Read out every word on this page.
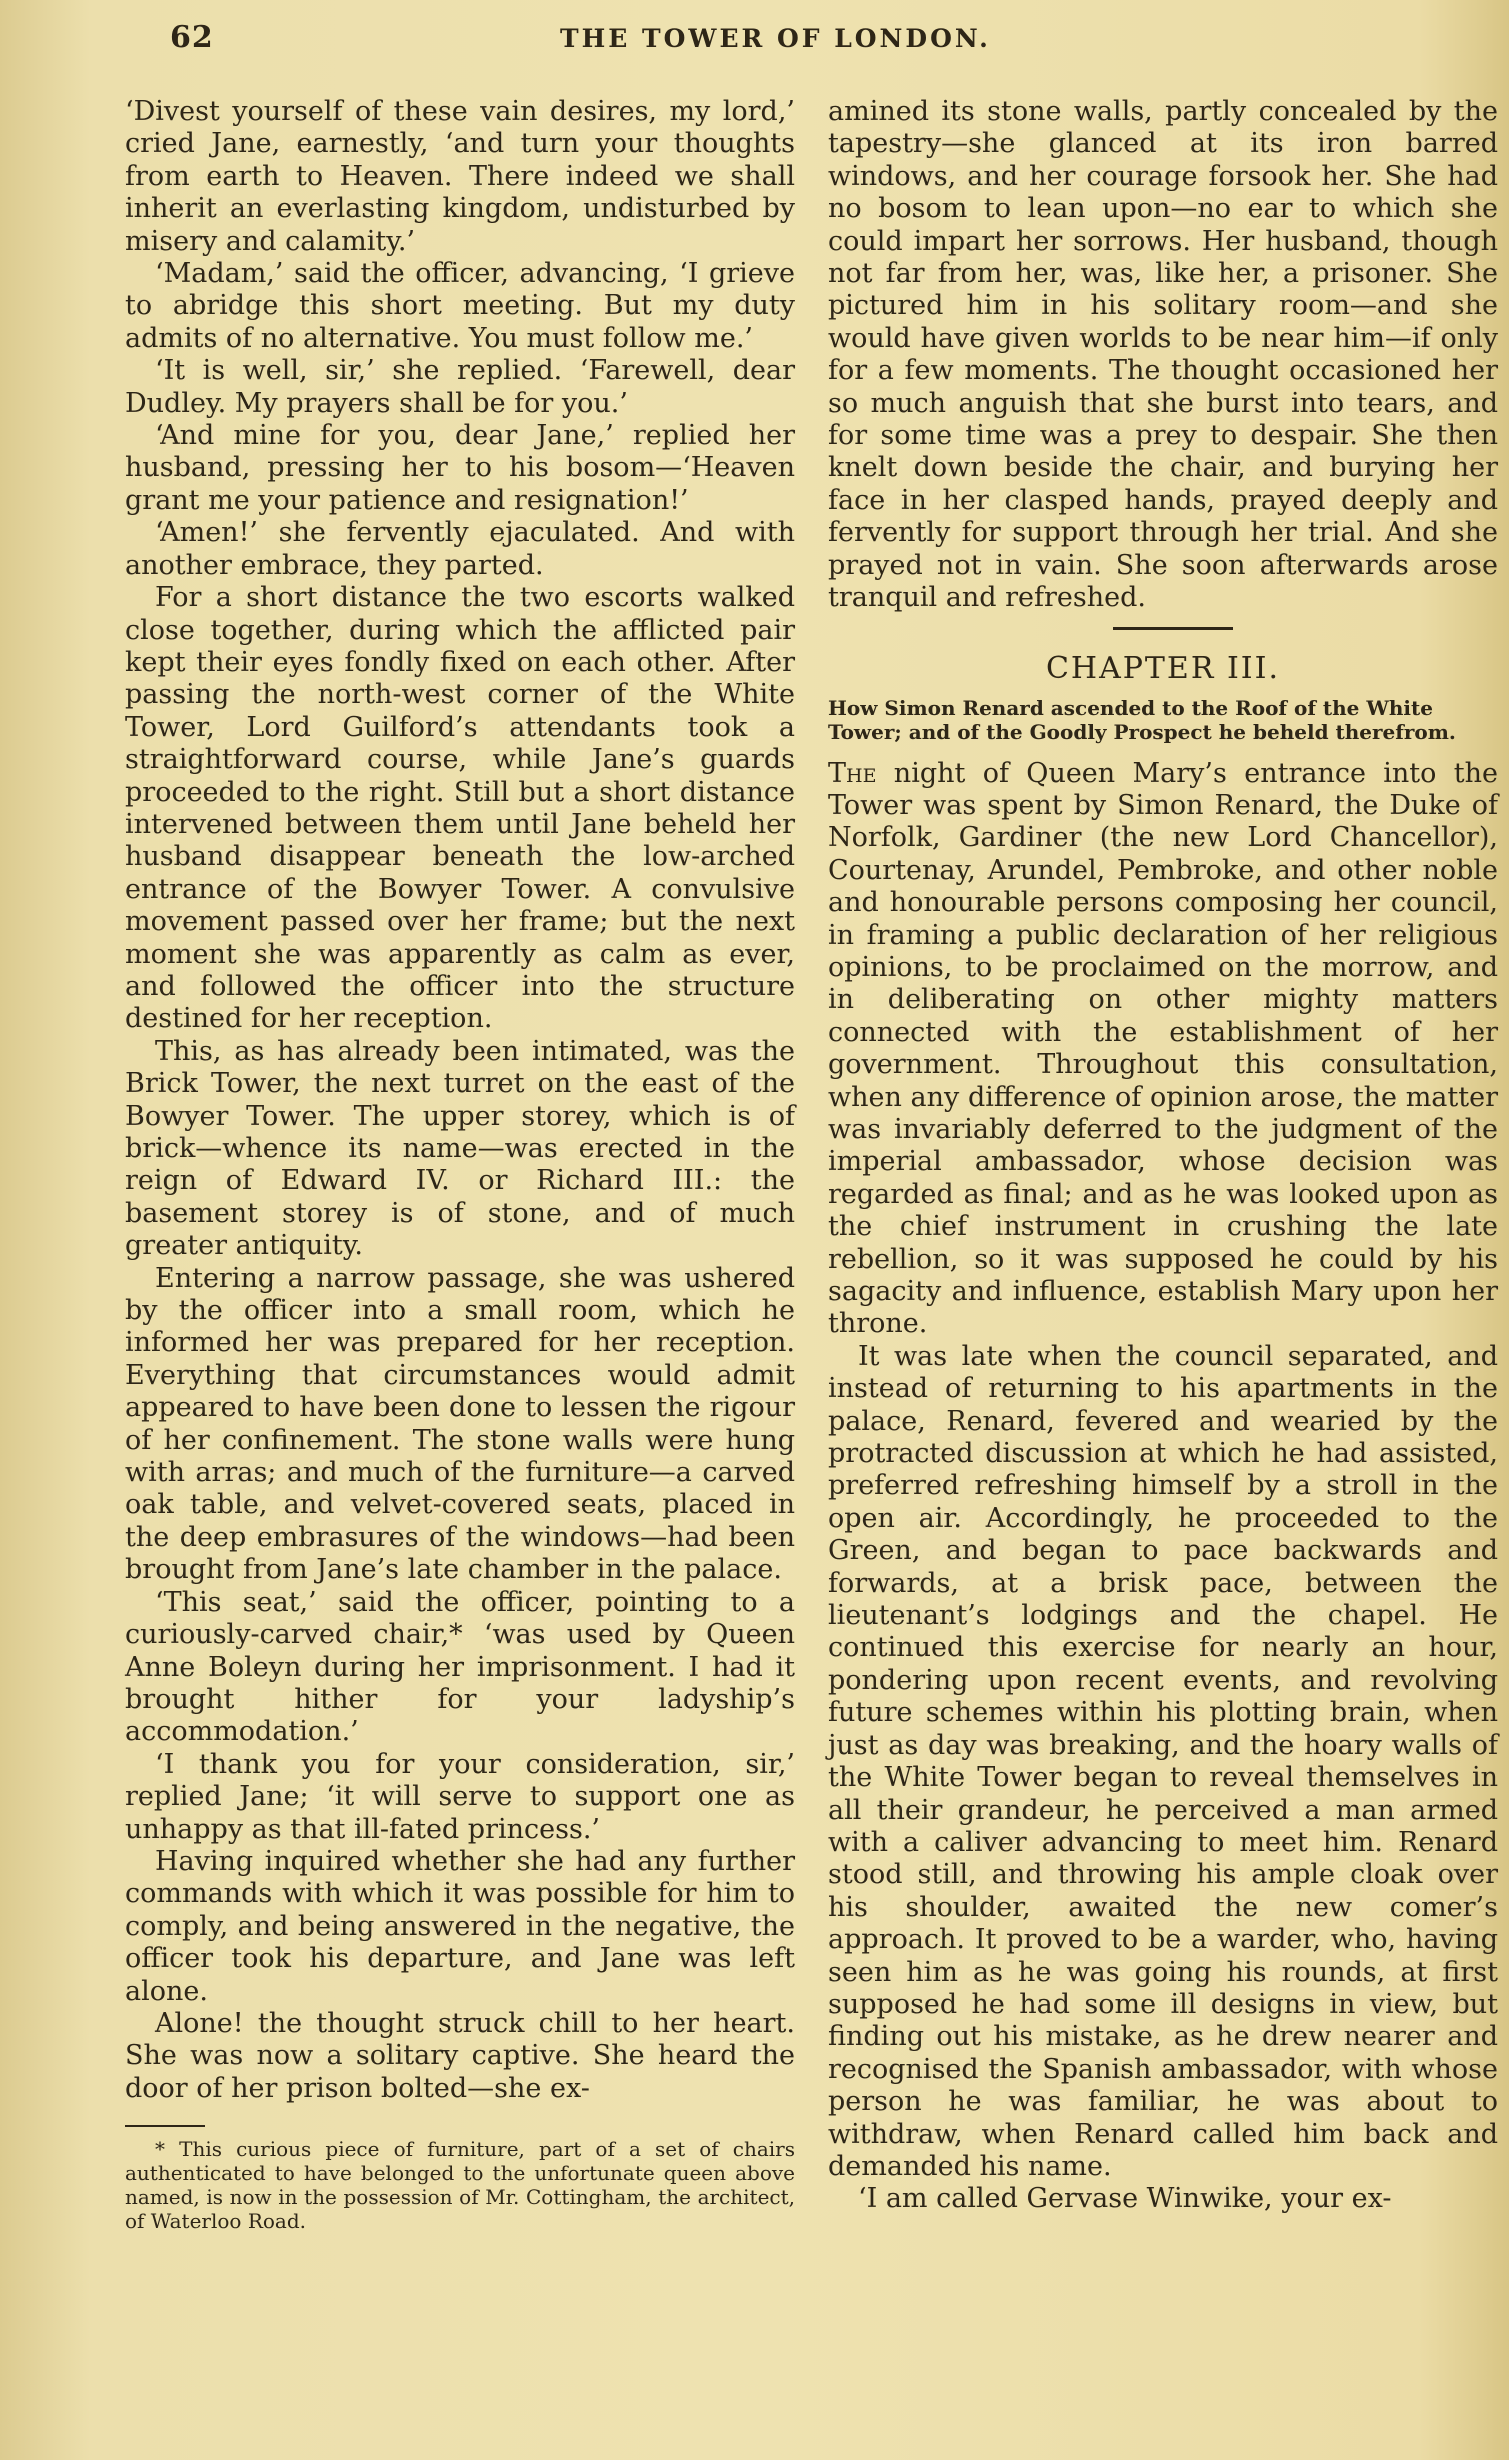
62	THE TOWER OF LONDON.

‘Divest yourself of these vain desires, my lord,’ cried Jane, earnestly, ‘and turn your thoughts from earth to Heaven. There indeed we shall inherit an everlasting kingdom, undisturbed by misery and calamity.’

‘Madam,’ said the officer, advancing, ‘I grieve to abridge this short meeting. But my duty admits of no alternative. You must follow me.’

‘It is well, sir,’ she replied. ‘Farewell, dear Dudley. My prayers shall be for you.’

‘And mine for you, dear Jane,’ replied her husband, pressing her to his bosom—‘Heaven grant me your patience and resignation!’

‘Amen!’ she fervently ejaculated. And with another embrace, they parted.

For a short distance the two escorts walked close together, during which the afflicted pair kept their eyes fondly fixed on each other. After passing the north-west corner of the White Tower, Lord Guilford’s attendants took a straightforward course, while Jane’s guards proceeded to the right. Still but a short distance intervened between them until Jane beheld her husband disappear beneath the low-arched entrance of the Bowyer Tower. A convulsive movement passed over her frame; but the next moment she was apparently as calm as ever, and followed the officer into the structure destined for her reception.

This, as has already been intimated, was the Brick Tower, the next turret on the east of the Bowyer Tower. The upper storey, which is of brick—whence its name—was erected in the reign of Edward IV. or Richard III.: the basement storey is of stone, and of much greater antiquity.

Entering a narrow passage, she was ushered by the officer into a small room, which he informed her was prepared for her reception. Everything that circumstances would admit appeared to have been done to lessen the rigour of her confinement. The stone walls were hung with arras; and much of the furniture—a carved oak table, and velvet-covered seats, placed in the deep embrasures of the windows—had been brought from Jane’s late chamber in the palace.

‘This seat,’ said the officer, pointing to a curiously-carved chair,* ‘was used by Queen Anne Boleyn during her imprisonment. I had it brought hither for your ladyship’s accommodation.’

‘I thank you for your consideration, sir,’ replied Jane; ‘it will serve to support one as unhappy as that ill-fated princess.’

Having inquired whether she had any further commands with which it was possible for him to comply, and being answered in the negative, the officer took his departure, and Jane was left alone.

Alone! the thought struck chill to her heart. She was now a solitary captive. She heard the door of her prison bolted—she ex-

* This curious piece of furniture, part of a set of chairs authenticated to have belonged to the unfortunate queen above named, is now in the possession of Mr. Cottingham, the architect, of Waterloo Road.

amined its stone walls, partly concealed by the tapestry—she glanced at its iron barred windows, and her courage forsook her. She had no bosom to lean upon—no ear to which she could impart her sorrows. Her husband, though not far from her, was, like her, a prisoner. She pictured him in his solitary room—and she would have given worlds to be near him—if only for a few moments. The thought occasioned her so much anguish that she burst into tears, and for some time was a prey to despair. She then knelt down beside the chair, and burying her face in her clasped hands, prayed deeply and fervently for support through her trial. And she prayed not in vain. She soon afterwards arose tranquil and refreshed.

CHAPTER III.
How Simon Renard ascended to the Roof of the White Tower; and of the Goodly Prospect he beheld therefrom.

The night of Queen Mary’s entrance into the Tower was spent by Simon Renard, the Duke of Norfolk, Gardiner (the new Lord Chancellor), Courtenay, Arundel, Pembroke, and other noble and honourable persons composing her council, in framing a public declaration of her religious opinions, to be proclaimed on the morrow, and in deliberating on other mighty matters connected with the establishment of her government. Throughout this consultation, when any difference of opinion arose, the matter was invariably deferred to the judgment of the imperial ambassador, whose decision was regarded as final; and as he was looked upon as the chief instrument in crushing the late rebellion, so it was supposed he could by his sagacity and influence, establish Mary upon her throne.

It was late when the council separated, and instead of returning to his apartments in the palace, Renard, fevered and wearied by the protracted discussion at which he had assisted, preferred refreshing himself by a stroll in the open air. Accordingly, he proceeded to the Green, and began to pace backwards and forwards, at a brisk pace, between the lieutenant’s lodgings and the chapel. He continued this exercise for nearly an hour, pondering upon recent events, and revolving future schemes within his plotting brain, when just as day was breaking, and the hoary walls of the White Tower began to reveal themselves in all their grandeur, he perceived a man armed with a caliver advancing to meet him. Renard stood still, and throwing his ample cloak over his shoulder, awaited the new comer’s approach. It proved to be a warder, who, having seen him as he was going his rounds, at first supposed he had some ill designs in view, but finding out his mistake, as he drew nearer and recognised the Spanish ambassador, with whose person he was familiar, he was about to withdraw, when Renard called him back and demanded his name.

‘I am called Gervase Winwike, your ex-
